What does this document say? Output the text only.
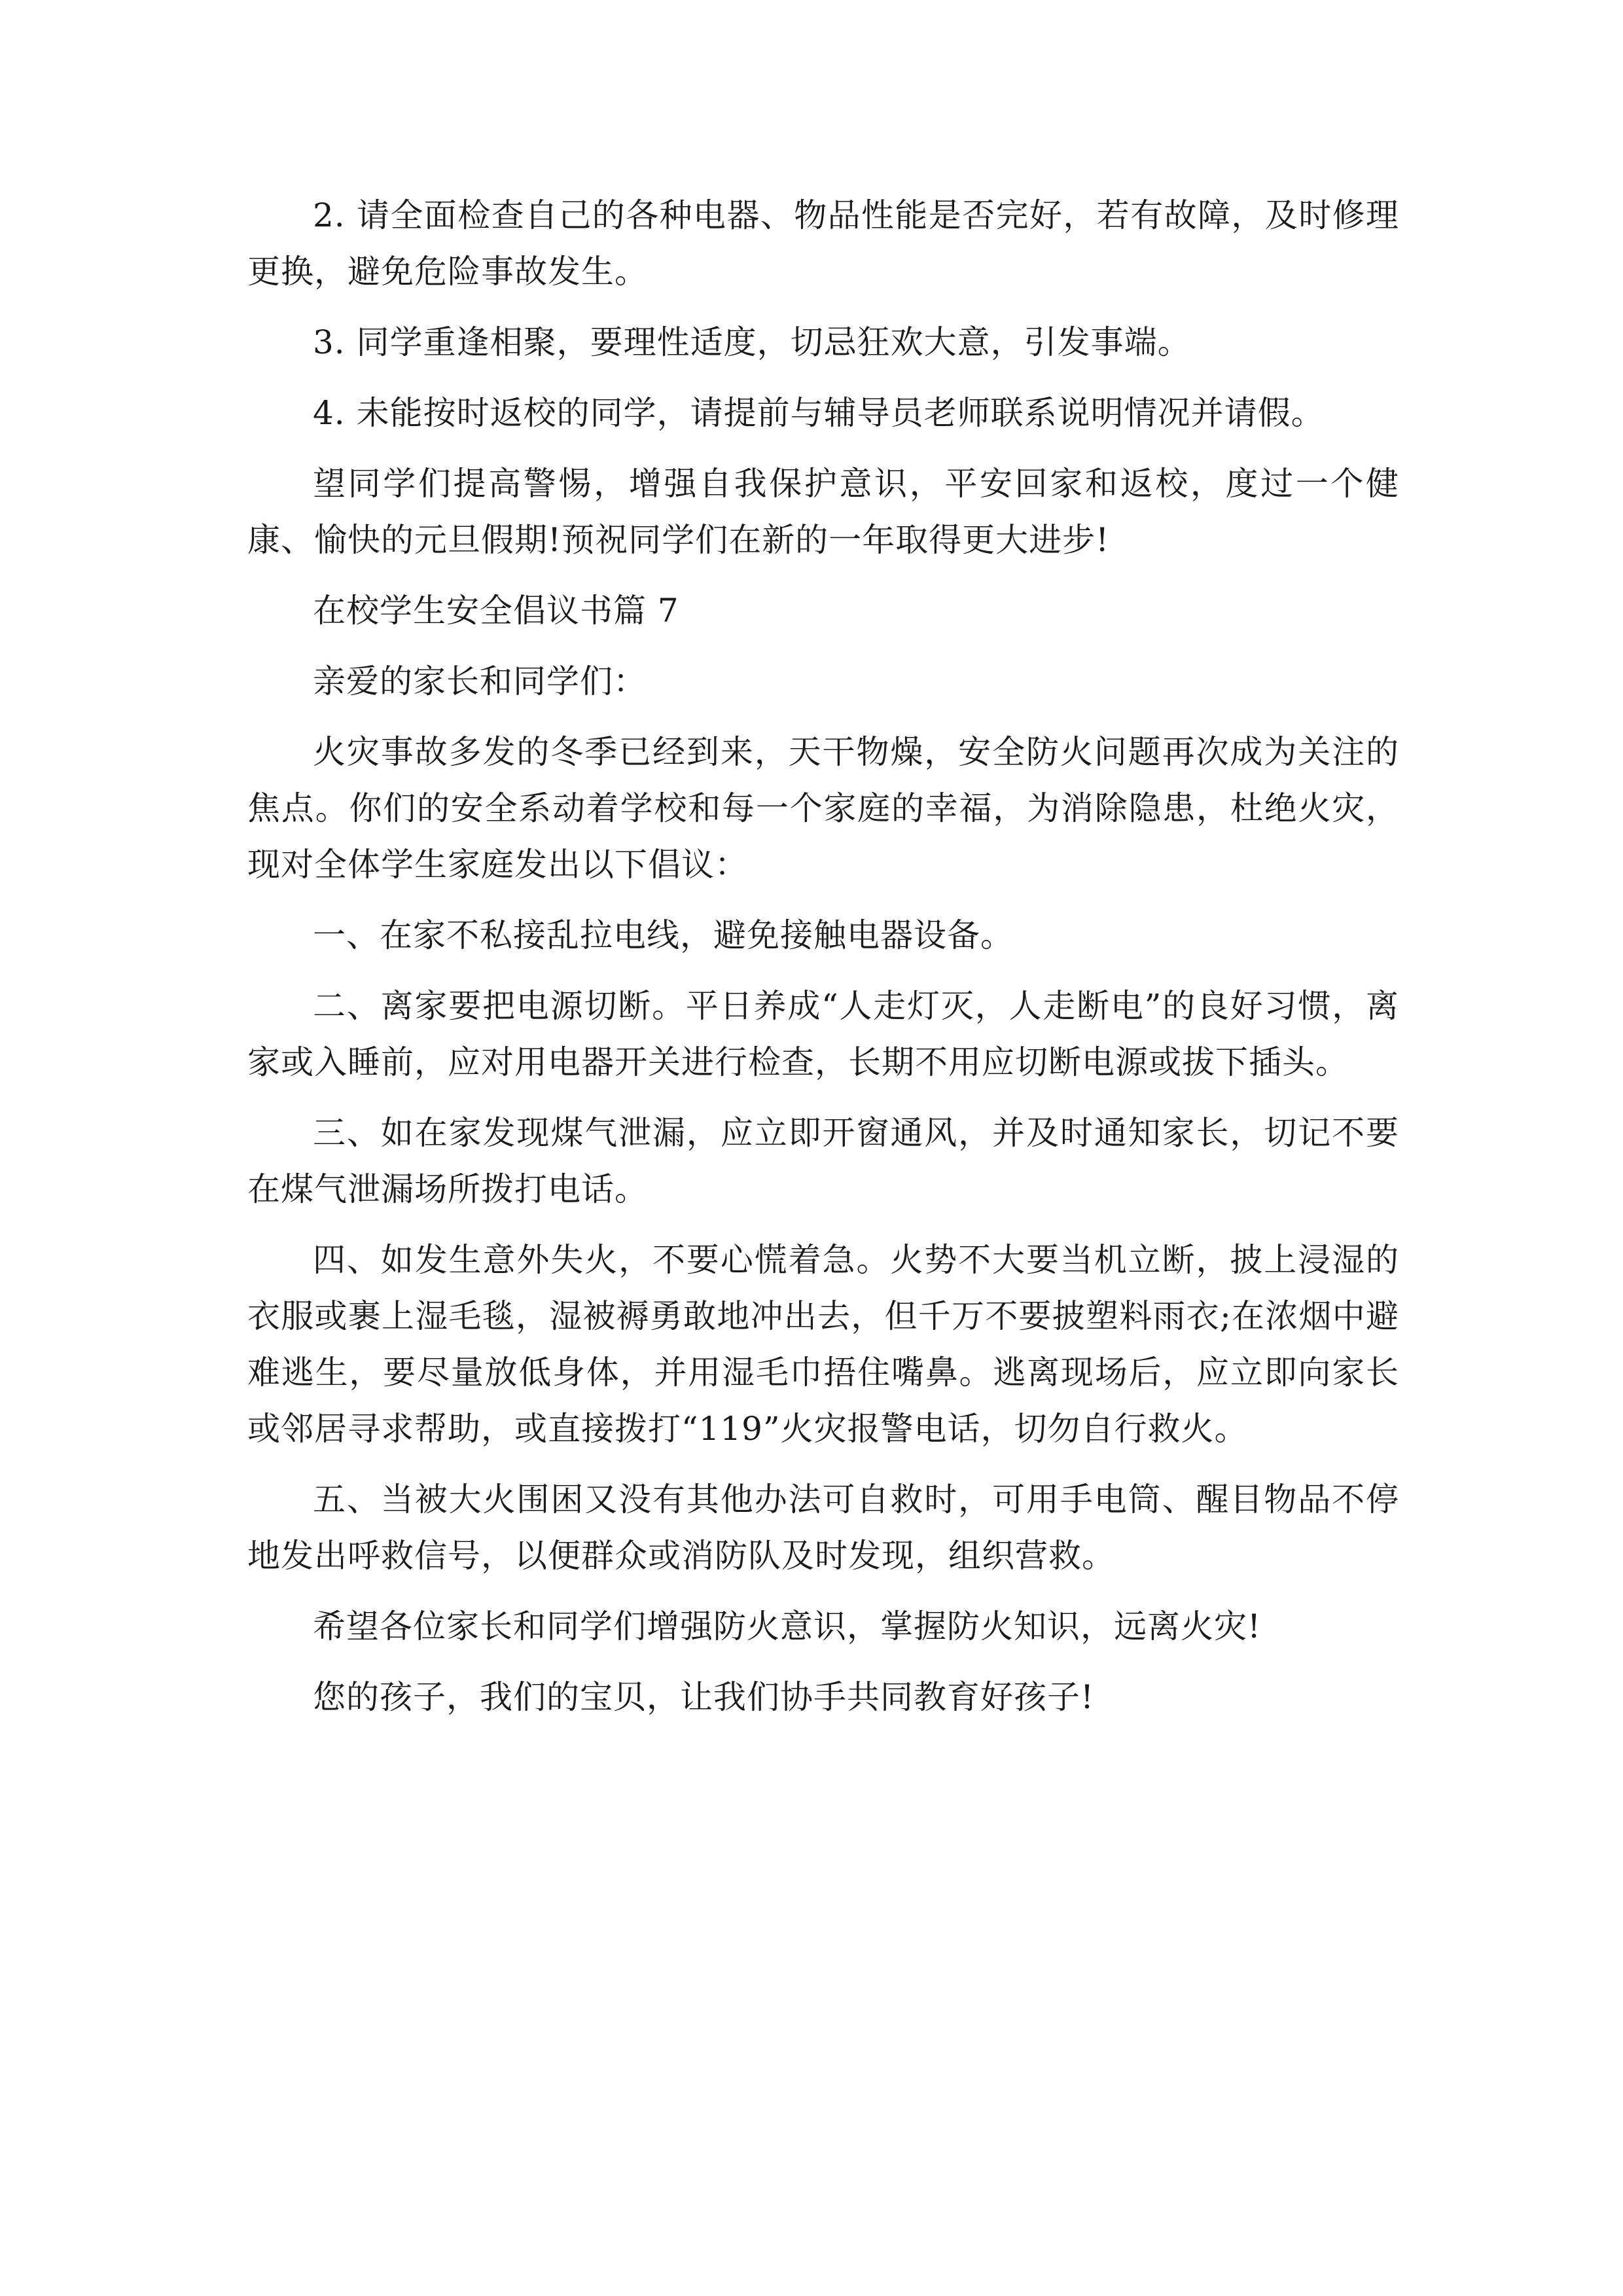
2. 请全面检查自己的各种电器、物品性能是否完好，若有故障，及时修理更换，避免危险事故发生。

3. 同学重逢相聚，要理性适度，切忌狂欢大意，引发事端。

4. 未能按时返校的同学，请提前与辅导员老师联系说明情况并请假。

望同学们提高警惕，增强自我保护意识，平安回家和返校，度过一个健康、愉快的元旦假期!预祝同学们在新的一年取得更大进步!

在校学生安全倡议书篇 7

亲爱的家长和同学们：

火灾事故多发的冬季已经到来，天干物燥，安全防火问题再次成为关注的焦点。你们的安全系动着学校和每一个家庭的幸福，为消除隐患，杜绝火灾，现对全体学生家庭发出以下倡议：

一、在家不私接乱拉电线，避免接触电器设备。

二、离家要把电源切断。平日养成“人走灯灭，人走断电”的良好习惯，离家或入睡前，应对用电器开关进行检查，长期不用应切断电源或拔下插头。

三、如在家发现煤气泄漏，应立即开窗通风，并及时通知家长，切记不要在煤气泄漏场所拨打电话。

四、如发生意外失火，不要心慌着急。火势不大要当机立断，披上浸湿的衣服或裹上湿毛毯，湿被褥勇敢地冲出去，但千万不要披塑料雨衣;在浓烟中避难逃生，要尽量放低身体，并用湿毛巾捂住嘴鼻。逃离现场后，应立即向家长或邻居寻求帮助，或直接拨打“119”火灾报警电话，切勿自行救火。

五、当被大火围困又没有其他办法可自救时，可用手电筒、醒目物品不停地发出呼救信号，以便群众或消防队及时发现，组织营救。

希望各位家长和同学们增强防火意识，掌握防火知识，远离火灾!

您的孩子，我们的宝贝，让我们协手共同教育好孩子!
